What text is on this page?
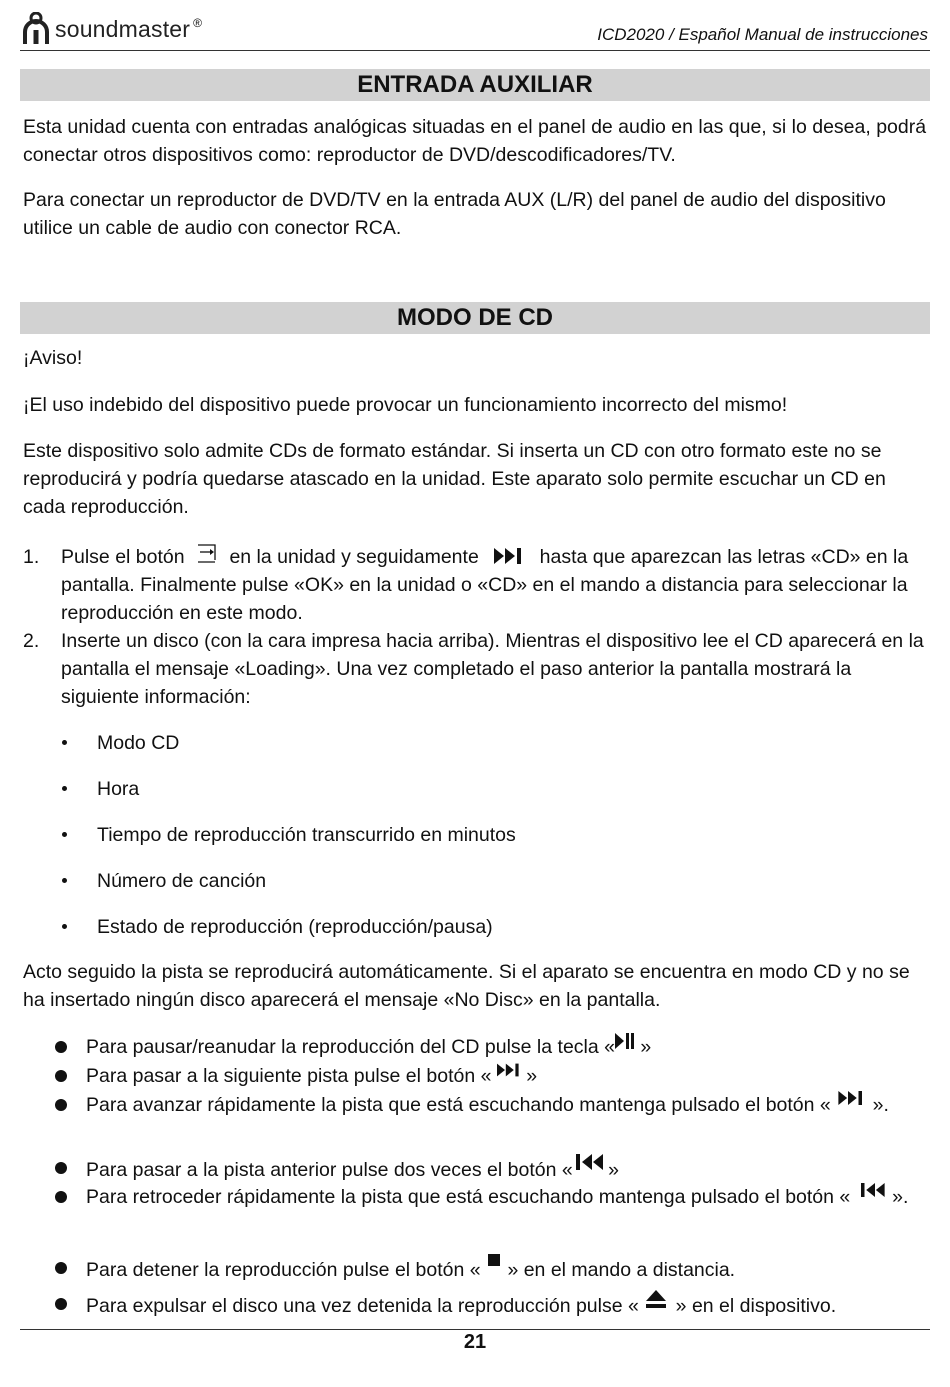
soundmaster ®
ICD2020 / Español Manual de instrucciones
ENTRADA AUXILIAR

Esta unidad cuenta con entradas analógicas situadas en el panel de audio en las que, si lo desea, podrá conectar otros dispositivos como: reproductor de DVD/descodificadores/TV.

Para conectar un reproductor de DVD/TV en la entrada AUX (L/R) del panel de audio del dispositivo utilice un cable de audio con conector RCA.

MODO DE CD

¡Aviso!

¡El uso indebido del dispositivo puede provocar un funcionamiento incorrecto del mismo!

Este dispositivo solo admite CDs de formato estándar. Si inserta un CD con otro formato este no se reproducirá y podría quedarse atascado en la unidad. Este aparato solo permite escuchar un CD en cada reproducción.

1. Pulse el botón en la unidad y seguidamente	hasta que aparezcan las letras «CD» en la pantalla. Finalmente pulse «OK» en la unidad o «CD» en el mando a distancia para seleccionar la reproducción en este modo.
2. Inserte un disco (con la cara impresa hacia arriba). Mientras el dispositivo lee el CD aparecerá en la pantalla el mensaje «Loading». Una vez completado el paso anterior la pantalla mostrará la siguiente información:
Modo CD
Hora
Tiempo de reproducción transcurrido en minutos
Número de canción
Estado de reproducción (reproducción/pausa)

Acto seguido la pista se reproducirá automáticamente. Si el aparato se encuentra en modo CD y no se ha insertado ningún disco aparecerá el mensaje «No Disc» en la pantalla.

Para pausar/reanudar la reproducción del CD pulse la tecla « »
Para pasar a la siguiente pista pulse el botón «  »
Para avanzar rápidamente la pista que está escuchando mantenga pulsado el botón «  ».
Para pasar a la pista anterior pulse dos veces el botón « »
Para retroceder rápidamente la pista que está escuchando mantenga pulsado el botón «  ».
Para detener la reproducción pulse el botón «  » en el mando a distancia.
Para expulsar el disco una vez detenida la reproducción pulse «  » en el dispositivo.
21
